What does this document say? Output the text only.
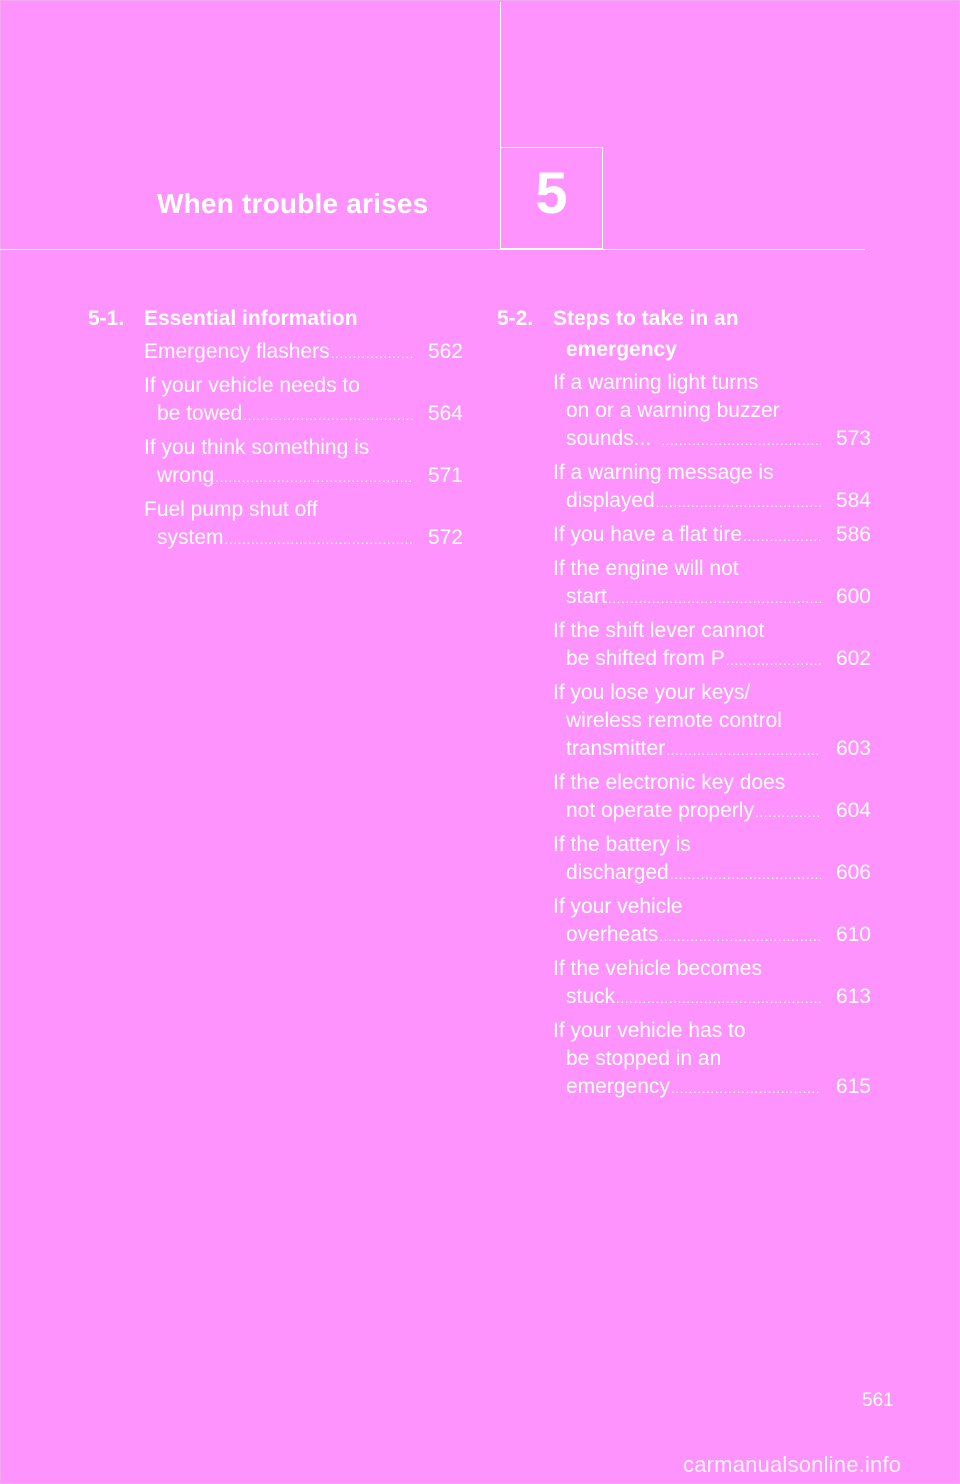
When trouble arises 5
5-1. Essential information
Emergency flashers .....	562
If your vehicle needs to
be towed .....	564
If you think something is
wrong .....	571
Fuel pump shut off
system .....	572
5-2. Steps to take in an
emergency
If a warning light turns
on or a warning buzzer
sounds... .....	573
If a warning message is
displayed .....	584
If you have a flat tire .....	586
If the engine will not
start .....	600
If the shift lever cannot
be shifted from P .....	602
If you lose your keys/
wireless remote control
transmitter .....	603
If the electronic key does
not operate properly .....	604
If the battery is
discharged .....	606
If your vehicle
overheats .....	610
If the vehicle becomes
stuck .....	613
If your vehicle has to
be stopped in an
emergency .....	615
561
carmanualsonline.info
